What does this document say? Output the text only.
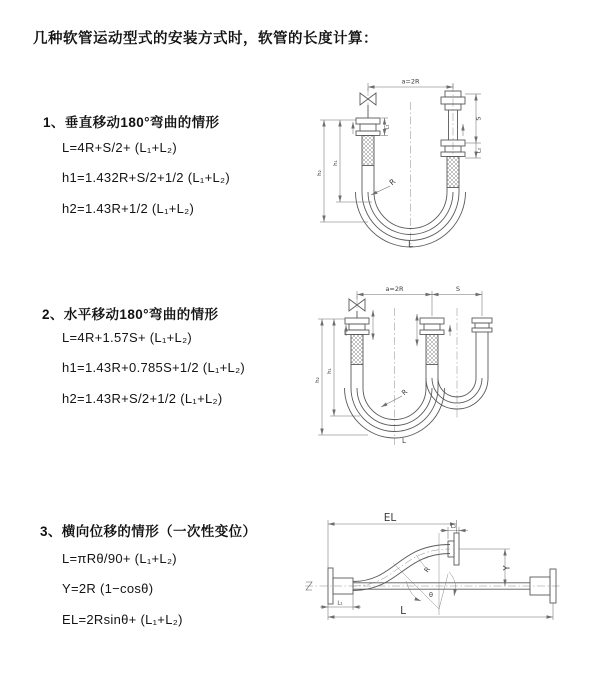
几种软管运动型式的安装方式时，软管的长度计算：
1、垂直移动180°弯曲的情形
L=4R+S/2+ (L₁+L₂)
h1=1.432R+S/2+1/2 (L₁+L₂)
h2=1.43R+1/2 (L₁+L₂)
a=2R
S
L₂
L₁
h₂
h₁
R
L
2、水平移动180°弯曲的情形
L=4R+1.57S+ (L₁+L₂)
h1=1.43R+0.785S+1/2 (L₁+L₂)
h2=1.43R+S/2+1/2 (L₁+L₂)
a=2R	S
h₂
h₁
R
L
3、横向位移的情形（一次性变位）
L=πRθ/90+ (L₁+L₂)
Y=2R (1−cosθ)
EL=2Rsinθ+ (L₁+L₂)
EL
L₂
Y
R
θ
L
L₁
